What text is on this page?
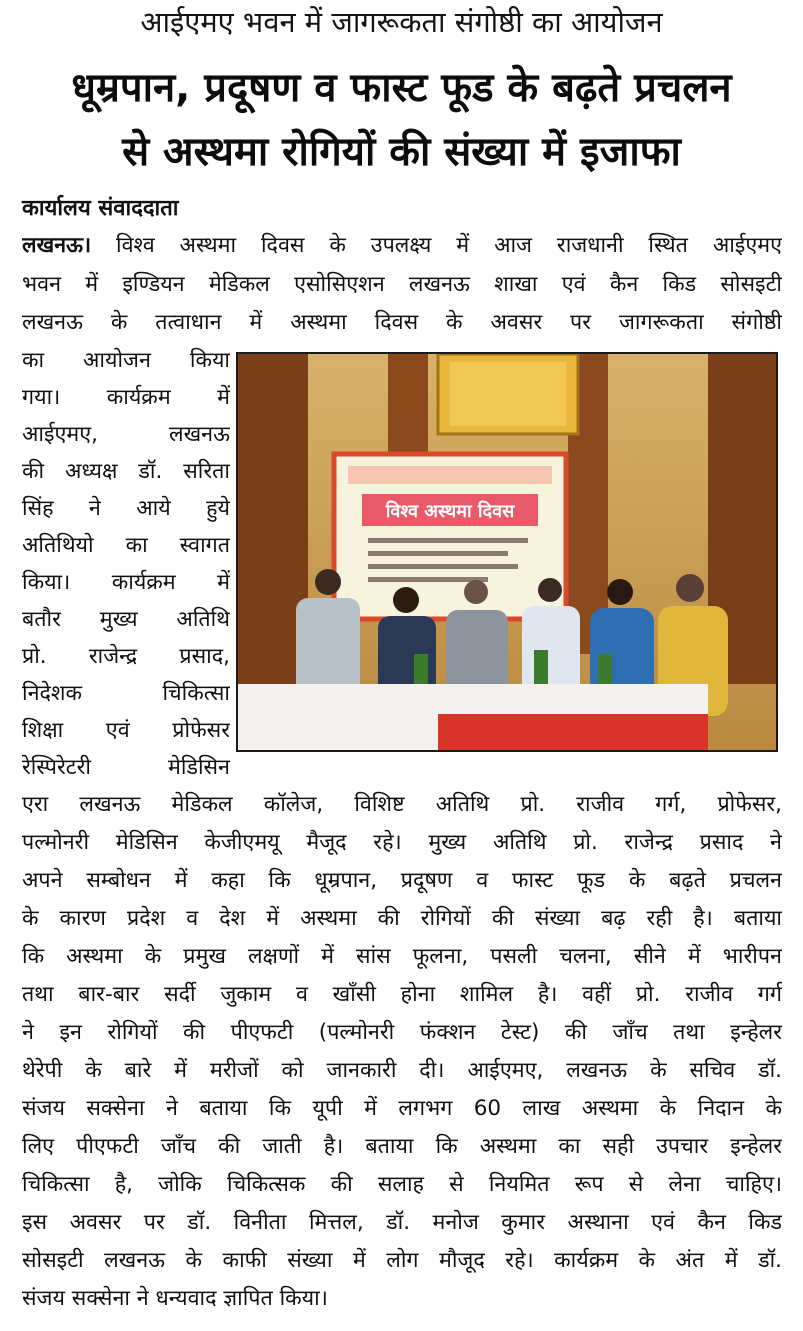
आईएमए भवन में जागरूकता संगोष्ठी का आयोजन
धूम्रपान, प्रदूषण व फास्ट फूड के बढ़ते प्रचलन
से अस्थमा रोगियों की संख्या में इजाफा
कार्यालय संवाददाता
लखनऊ। विश्व अस्थमा दिवस के उपलक्ष्य में आज राजधानी स्थित आईएमए
भवन में इण्डियन मेडिकल एसोसिएशन लखनऊ शाखा एवं कैन किड सोसइटी
लखनऊ के तत्वाधान में अस्थमा दिवस के अवसर पर जागरूकता संगोष्ठी
का आयोजन किया
गया। कार्यक्रम में
आईएमए, लखनऊ
की अध्यक्ष डॉ. सरिता
सिंह ने आये हुये
अतिथियो का स्वागत
किया। कार्यक्रम में
बतौर मुख्य अतिथि
प्रो. राजेन्द्र प्रसाद,
निदेशक चिकित्सा
शिक्षा एवं प्रोफेसर
रेस्पिरेटरी मेडिसिन
विश्व अस्थमा दिवस
एरा लखनऊ मेडिकल कॉलेज, विशिष्ट अतिथि प्रो. राजीव गर्ग, प्रोफेसर,
पल्मोनरी मेडिसिन केजीएमयू मैजूद रहे। मुख्य अतिथि प्रो. राजेन्द्र प्रसाद ने
अपने सम्बोधन में कहा कि धूम्रपान, प्रदूषण व फास्ट फूड के बढ़ते प्रचलन
के कारण प्रदेश व देश में अस्थमा की रोगियों की संख्या बढ़ रही है। बताया
कि अस्थमा के प्रमुख लक्षणों में सांस फूलना, पसली चलना, सीने में भारीपन
तथा बार-बार सर्दी जुकाम व खाँसी होना शामिल है। वहीं प्रो. राजीव गर्ग
ने इन रोगियों की पीएफटी (पल्मोनरी फंक्शन टेस्ट) की जाँच तथा इन्हेलर
थेरेपी के बारे में मरीजों को जानकारी दी। आईएमए, लखनऊ के सचिव डॉ.
संजय सक्सेना ने बताया कि यूपी में लगभग 60 लाख अस्थमा के निदान के
लिए पीएफटी जाँच की जाती है। बताया कि अस्थमा का सही उपचार इन्हेलर
चिकित्सा है, जोकि चिकित्सक की सलाह से नियमित रूप से लेना चाहिए।
इस अवसर पर डॉ. विनीता मित्तल, डॉ. मनोज कुमार अस्थाना एवं कैन किड
सोसइटी लखनऊ के काफी संख्या में लोग मौजूद रहे। कार्यक्रम के अंत में डॉ.
संजय सक्सेना ने धन्यवाद ज्ञापित किया।
